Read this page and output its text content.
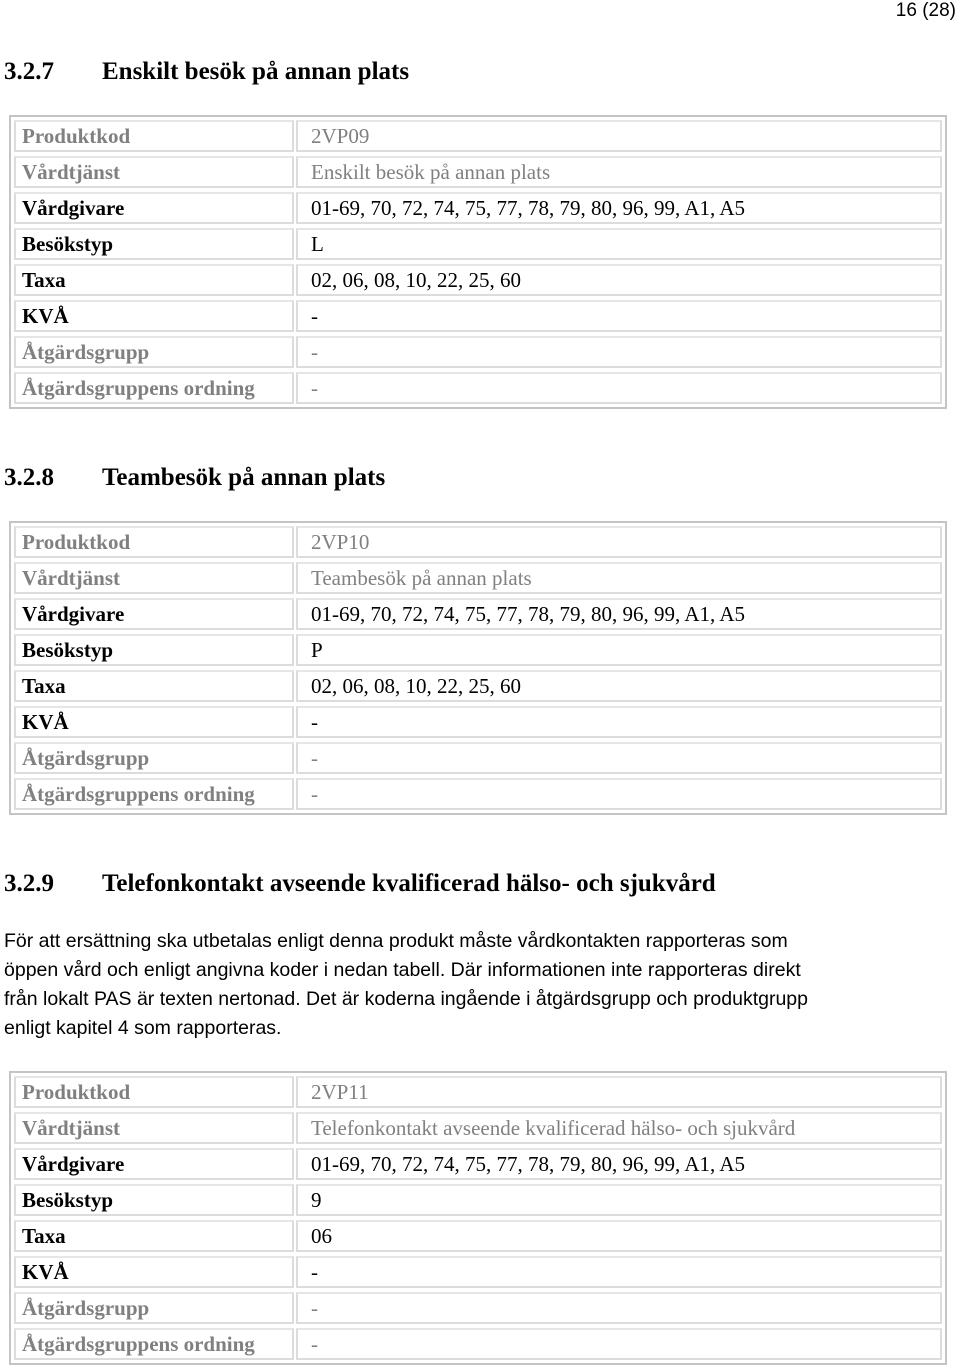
16 (28)
3.2.7 Enskilt besök på annan plats
Produktkod	2VP09
Vårdtjänst	Enskilt besök på annan plats
Vårdgivare	01-69, 70, 72, 74, 75, 77, 78, 79, 80, 96, 99, A1, A5
Besökstyp	L
Taxa	02, 06, 08, 10, 22, 25, 60
KVÅ	-
Åtgärdsgrupp	-
Åtgärdsgruppens ordning	-
3.2.8 Teambesök på annan plats
Produktkod	2VP10
Vårdtjänst	Teambesök på annan plats
Vårdgivare	01-69, 70, 72, 74, 75, 77, 78, 79, 80, 96, 99, A1, A5
Besökstyp	P
Taxa	02, 06, 08, 10, 22, 25, 60
KVÅ	-
Åtgärdsgrupp	-
Åtgärdsgruppens ordning	-
3.2.9 Telefonkontakt avseende kvalificerad hälso- och sjukvård
För att ersättning ska utbetalas enligt denna produkt måste vårdkontakten rapporteras som
öppen vård och enligt angivna koder i nedan tabell. Där informationen inte rapporteras direkt
från lokalt PAS är texten nertonad. Det är koderna ingående i åtgärdsgrupp och produktgrupp
enligt kapitel 4 som rapporteras.
Produktkod	2VP11
Vårdtjänst	Telefonkontakt avseende kvalificerad hälso- och sjukvård
Vårdgivare	01-69, 70, 72, 74, 75, 77, 78, 79, 80, 96, 99, A1, A5
Besökstyp	9
Taxa	06
KVÅ	-
Åtgärdsgrupp	-
Åtgärdsgruppens ordning	-
